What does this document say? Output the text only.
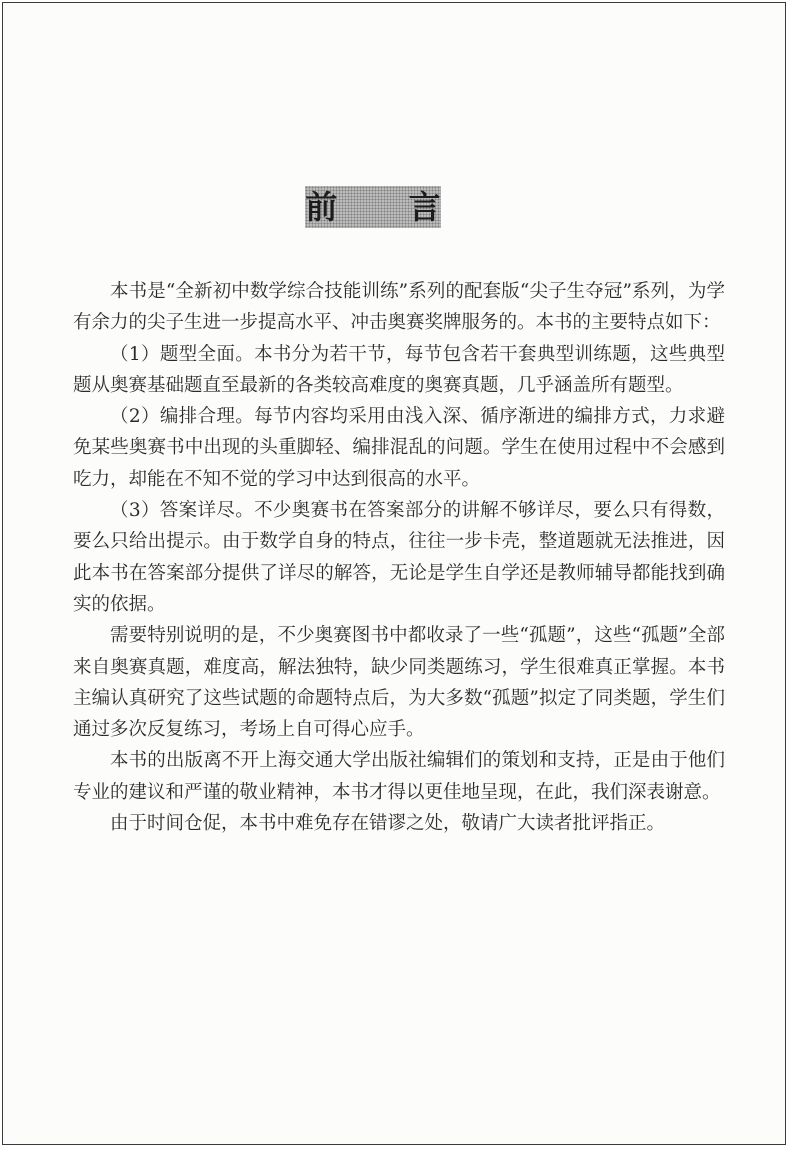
前 言

本书是“全新初中数学综合技能训练”系列的配套版“尖子生夺冠”系列，为学有余力的尖子生进一步提高水平、冲击奥赛奖牌服务的。本书的主要特点如下：

（1）题型全面。本书分为若干节，每节包含若干套典型训练题，这些典型题从奥赛基础题直至最新的各类较高难度的奥赛真题，几乎涵盖所有题型。

（2）编排合理。每节内容均采用由浅入深、循序渐进的编排方式，力求避免某些奥赛书中出现的头重脚轻、编排混乱的问题。学生在使用过程中不会感到吃力，却能在不知不觉的学习中达到很高的水平。

（3）答案详尽。不少奥赛书在答案部分的讲解不够详尽，要么只有得数，要么只给出提示。由于数学自身的特点，往往一步卡壳，整道题就无法推进，因此本书在答案部分提供了详尽的解答，无论是学生自学还是教师辅导都能找到确实的依据。

需要特别说明的是，不少奥赛图书中都收录了一些“孤题”，这些“孤题”全部来自奥赛真题，难度高，解法独特，缺少同类题练习，学生很难真正掌握。本书主编认真研究了这些试题的命题特点后，为大多数“孤题”拟定了同类题，学生们通过多次反复练习，考场上自可得心应手。

本书的出版离不开上海交通大学出版社编辑们的策划和支持，正是由于他们专业的建议和严谨的敬业精神，本书才得以更佳地呈现，在此，我们深表谢意。

由于时间仓促，本书中难免存在错谬之处，敬请广大读者批评指正。
